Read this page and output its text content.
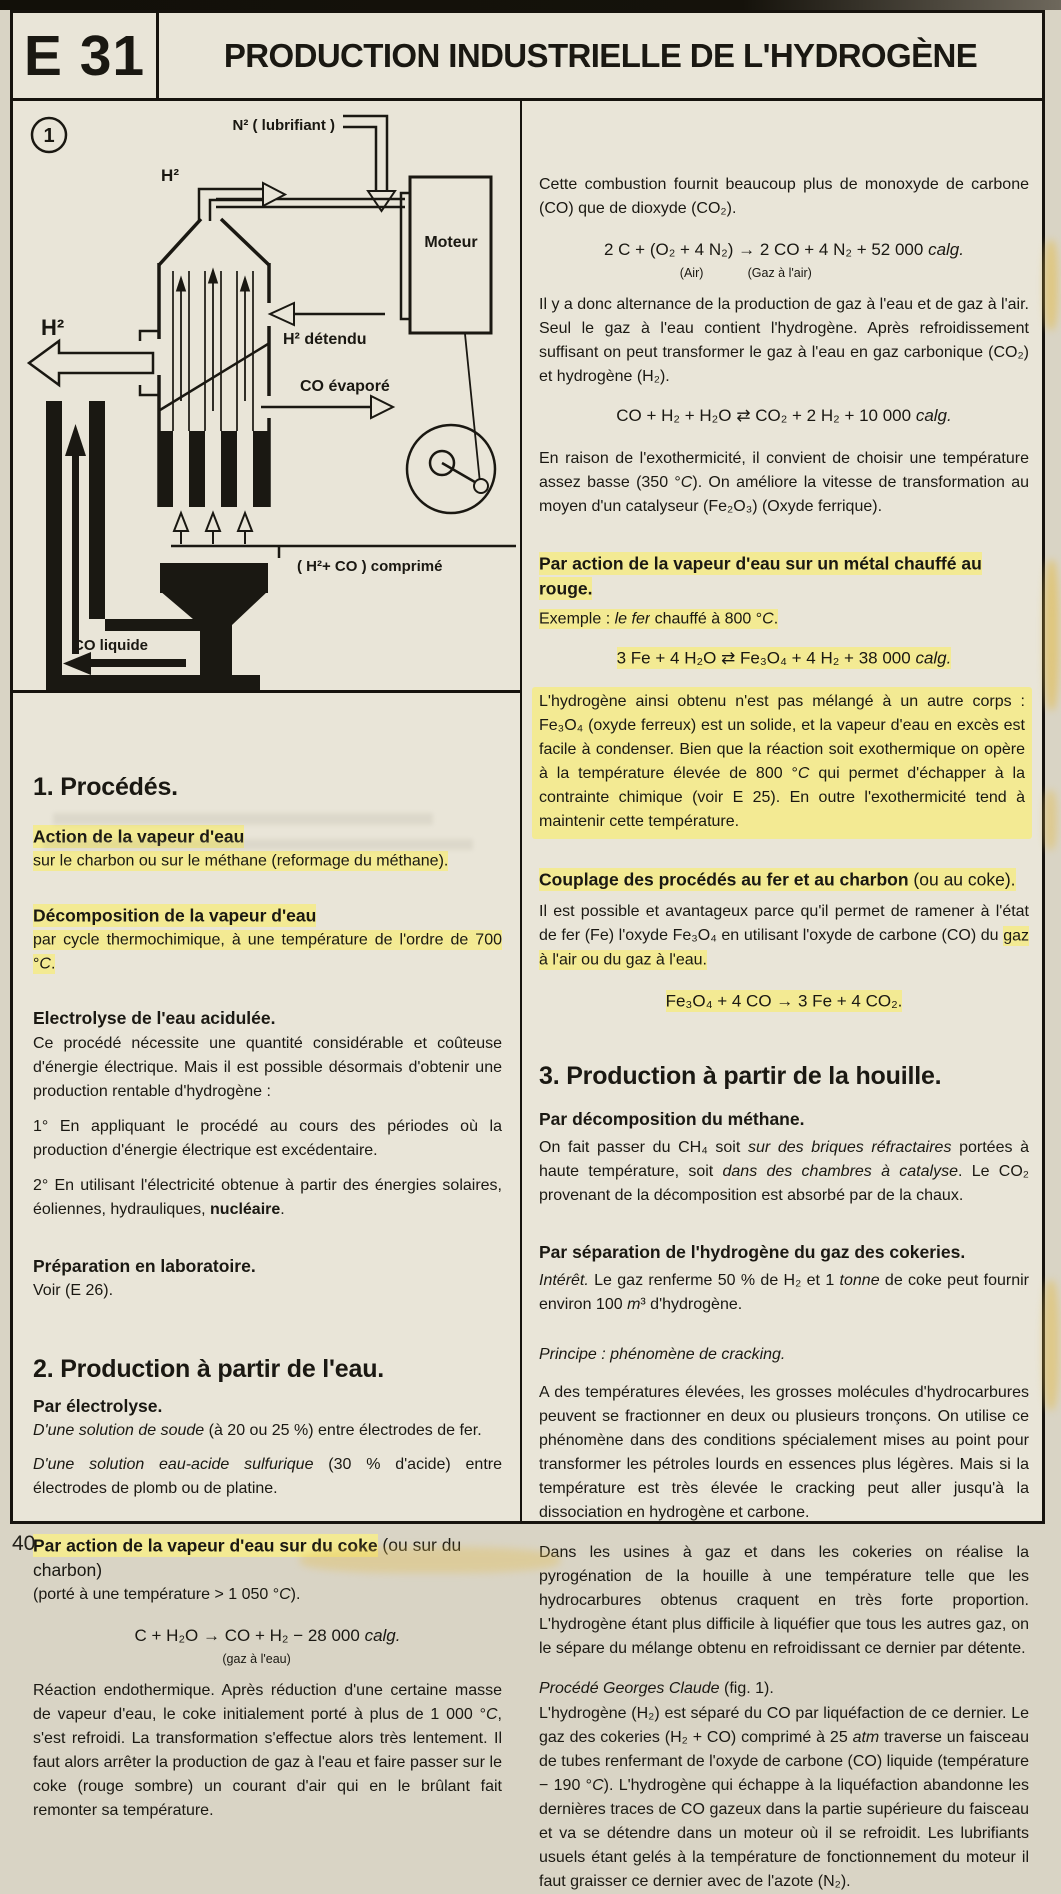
E 31	PRODUCTION INDUSTRIELLE DE L'HYDROGÈNE
1
Moteur
N² ( lubrifiant )
H²
H² détendu
CO évaporé
H²
( H²+ CO ) comprimé
CO liquide
1. Procédés.
Action de la vapeur d'eau
sur le charbon ou sur le méthane (reformage du méthane).
Décomposition de la vapeur d'eau
par cycle thermochimique, à une température de l'ordre de 700 °C.
Electrolyse de l'eau acidulée.
Ce procédé nécessite une quantité considérable et coûteuse d'énergie électrique. Mais il est possible désormais d'obtenir une production rentable d'hydrogène :
1° En appliquant le procédé au cours des périodes où la production d'énergie électrique est excédentaire.
2° En utilisant l'électricité obtenue à partir des énergies solaires, éoliennes, hydrauliques, nucléaire.
Préparation en laboratoire.
Voir (E 26).
2. Production à partir de l'eau.
Par électrolyse.
D'une solution de soude (à 20 ou 25 %) entre électrodes de fer.
D'une solution eau-acide sulfurique (30 % d'acide) entre électrodes de plomb ou de platine.
Par action de la vapeur d'eau sur du coke (ou sur du charbon)
(porté à une température > 1 050 °C).
C + H₂O → CO + H₂
(gaz à l'eau)
− 28 000 calg.
Réaction endothermique. Après réduction d'une certaine masse de vapeur d'eau, le coke initialement porté à plus de 1 000 °C, s'est refroidi. La transformation s'effectue alors très lentement. Il faut alors arrêter la production de gaz à l'eau et faire passer sur le coke (rouge sombre) un courant d'air qui en le brûlant fait remonter sa température.
Cette combustion fournit beaucoup plus de monoxyde de carbone (CO) que de dioxyde (CO₂).
2 C + (O₂ + 4 N₂)
(Air)
→ 2 CO
(Gaz à l'air)
+ 4 N₂ + 52 000 calg.
Il y a donc alternance de la production de gaz à l'eau et de gaz à l'air. Seul le gaz à l'eau contient l'hydrogène. Après refroidissement suffisant on peut transformer le gaz à l'eau en gaz carbonique (CO₂) et hydrogène (H₂).
CO + H₂ + H₂O ⇄ CO₂ + 2 H₂ + 10 000 calg.
En raison de l'exothermicité, il convient de choisir une température assez basse (350 °C). On améliore la vitesse de transformation au moyen d'un catalyseur (Fe₂O₃) (Oxyde ferrique).
Par action de la vapeur d'eau sur un métal chauffé au rouge.
Exemple : le fer chauffé à 800 °C.
3 Fe + 4 H₂O ⇄ Fe₃O₄ + 4 H₂ + 38 000 calg.
L'hydrogène ainsi obtenu n'est pas mélangé à un autre corps : Fe₃O₄ (oxyde ferreux) est un solide, et la vapeur d'eau en excès est facile à condenser. Bien que la réaction soit exothermique on opère à la température élevée de 800 °C qui permet d'échapper à la contrainte chimique (voir E 25). En outre l'exothermicité tend à maintenir cette température.
Couplage des procédés au fer et au charbon (ou au coke).
Il est possible et avantageux parce qu'il permet de ramener à l'état de fer (Fe) l'oxyde Fe₃O₄ en utilisant l'oxyde de carbone (CO) du gaz à l'air ou du gaz à l'eau.
Fe₃O₄ + 4 CO → 3 Fe + 4 CO₂.
3. Production à partir de la houille.
Par décomposition du méthane.
On fait passer du CH₄ soit sur des briques réfractaires portées à haute température, soit dans des chambres à catalyse. Le CO₂ provenant de la décomposition est absorbé par de la chaux.
Par séparation de l'hydrogène du gaz des cokeries.
Intérêt. Le gaz renferme 50 % de H₂ et 1 tonne de coke peut fournir environ 100 m³ d'hydrogène.
Principe : phénomène de cracking.
A des températures élevées, les grosses molécules d'hydrocarbures peuvent se fractionner en deux ou plusieurs tronçons. On utilise ce phénomène dans des conditions spécialement mises au point pour transformer les pétroles lourds en essences plus légères. Mais si la température est très élevée le cracking peut aller jusqu'à la dissociation en hydrogène et carbone.
Dans les usines à gaz et dans les cokeries on réalise la pyrogénation de la houille à une température telle que les hydrocarbures obtenus craquent en très forte proportion. L'hydrogène étant plus difficile à liquéfier que tous les autres gaz, on le sépare du mélange obtenu en refroidissant ce dernier par détente.
Procédé Georges Claude (fig. 1).
L'hydrogène (H₂) est séparé du CO par liquéfaction de ce dernier. Le gaz des cokeries (H₂ + CO) comprimé à 25 atm traverse un faisceau de tubes renfermant de l'oxyde de carbone (CO) liquide (température − 190 °C). L'hydrogène qui échappe à la liquéfaction abandonne les dernières traces de CO gazeux dans la partie supérieure du faisceau et va se détendre dans un moteur où il se refroidit. Les lubrifiants usuels étant gelés à la température de fonctionnement du moteur il faut graisser ce dernier avec de l'azote (N₂).
40
